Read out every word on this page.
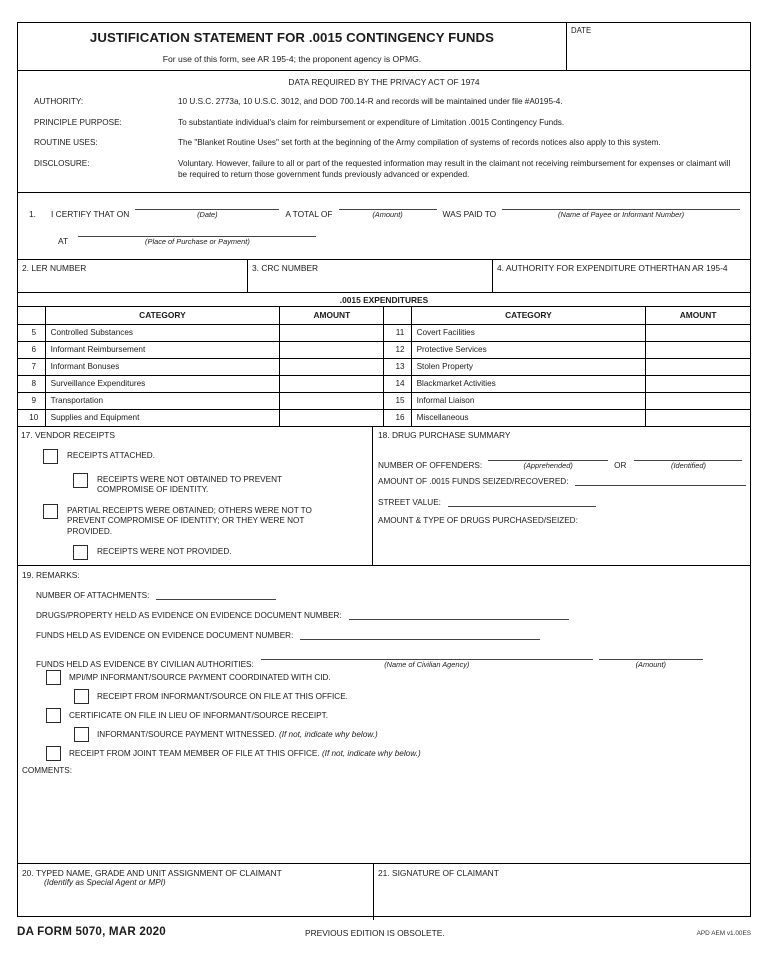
JUSTIFICATION STATEMENT FOR .0015 CONTINGENCY FUNDS
For use of this form, see AR 195-4; the proponent agency is OPMG.
DATE
DATA REQUIRED BY THE PRIVACY ACT OF 1974
AUTHORITY:	10 U.S.C. 2773a, 10 U.S.C. 3012, and DOD 700.14-R and records will be maintained under file #A0195-4.
PRINCIPLE PURPOSE:	To substantiate individual's claim for reimbursement or expenditure of Limitation .0015 Contingency Funds.
ROUTINE USES:	The "Blanket Routine Uses" set forth at the beginning of the Army compilation of systems of records notices also apply to this system.
DISCLOSURE:	Voluntary. However, failure to all or part of the requested information may result in the claimant not receiving reimbursement for expenses or claimant will be required to return those government funds previously advanced or expended.
1.	I CERTIFY THAT ON	(Date)	A TOTAL OF	(Amount)	WAS PAID TO	(Name of Payee or Informant Number)
AT	(Place of Purchase or Payment)
2. LER NUMBER	3. CRC NUMBER	4. AUTHORITY FOR EXPENDITURE OTHERTHAN AR 195-4
.0015 EXPENDITURES
	CATEGORY	AMOUNT		CATEGORY	AMOUNT
5	Controlled Substances		11	Covert Facilities	
6	Informant Reimbursement		12	Protective Services	
7	Informant Bonuses		13	Stolen Property	
8	Surveillance Expenditures		14	Blackmarket Activities	
9	Transportation		15	Informal Liaison	
10	Supplies and Equipment		16	Miscellaneous	
17. VENDOR RECEIPTS
RECEIPTS ATTACHED.
RECEIPTS WERE NOT OBTAINED TO PREVENT COMPROMISE OF IDENTITY.
PARTIAL RECEIPTS WERE OBTAINED; OTHERS WERE NOT TO PREVENT COMPROMISE OF IDENTITY; OR THEY WERE NOT PROVIDED.
RECEIPTS WERE NOT PROVIDED.
18. DRUG PURCHASE SUMMARY
NUMBER OF OFFENDERS:	(Apprehended)	OR	(Identified)
AMOUNT OF .0015 FUNDS SEIZED/RECOVERED:
STREET VALUE:
AMOUNT & TYPE OF DRUGS PURCHASED/SEIZED:
19. REMARKS:
NUMBER OF ATTACHMENTS:
DRUGS/PROPERTY HELD AS EVIDENCE ON EVIDENCE DOCUMENT NUMBER:
FUNDS HELD AS EVIDENCE ON EVIDENCE DOCUMENT NUMBER:
FUNDS HELD AS EVIDENCE BY CIVILIAN AUTHORITIES:	(Name of Civilian Agency)	(Amount)
MPI/MP INFORMANT/SOURCE PAYMENT COORDINATED WITH CID.
RECEIPT FROM INFORMANT/SOURCE ON FILE AT THIS OFFICE.
CERTIFICATE ON FILE IN LIEU OF INFORMANT/SOURCE RECEIPT.
INFORMANT/SOURCE PAYMENT WITNESSED. (If not, indicate why below.)
RECEIPT FROM JOINT TEAM MEMBER OF FILE AT THIS OFFICE. (If not, indicate why below.)
COMMENTS:
20. TYPED NAME, GRADE AND UNIT ASSIGNMENT OF CLAIMANT
(Identify as Special Agent or MPI)
21. SIGNATURE OF CLAIMANT
DA FORM 5070, MAR 2020	PREVIOUS EDITION IS OBSOLETE.	APD AEM v1.00ES
